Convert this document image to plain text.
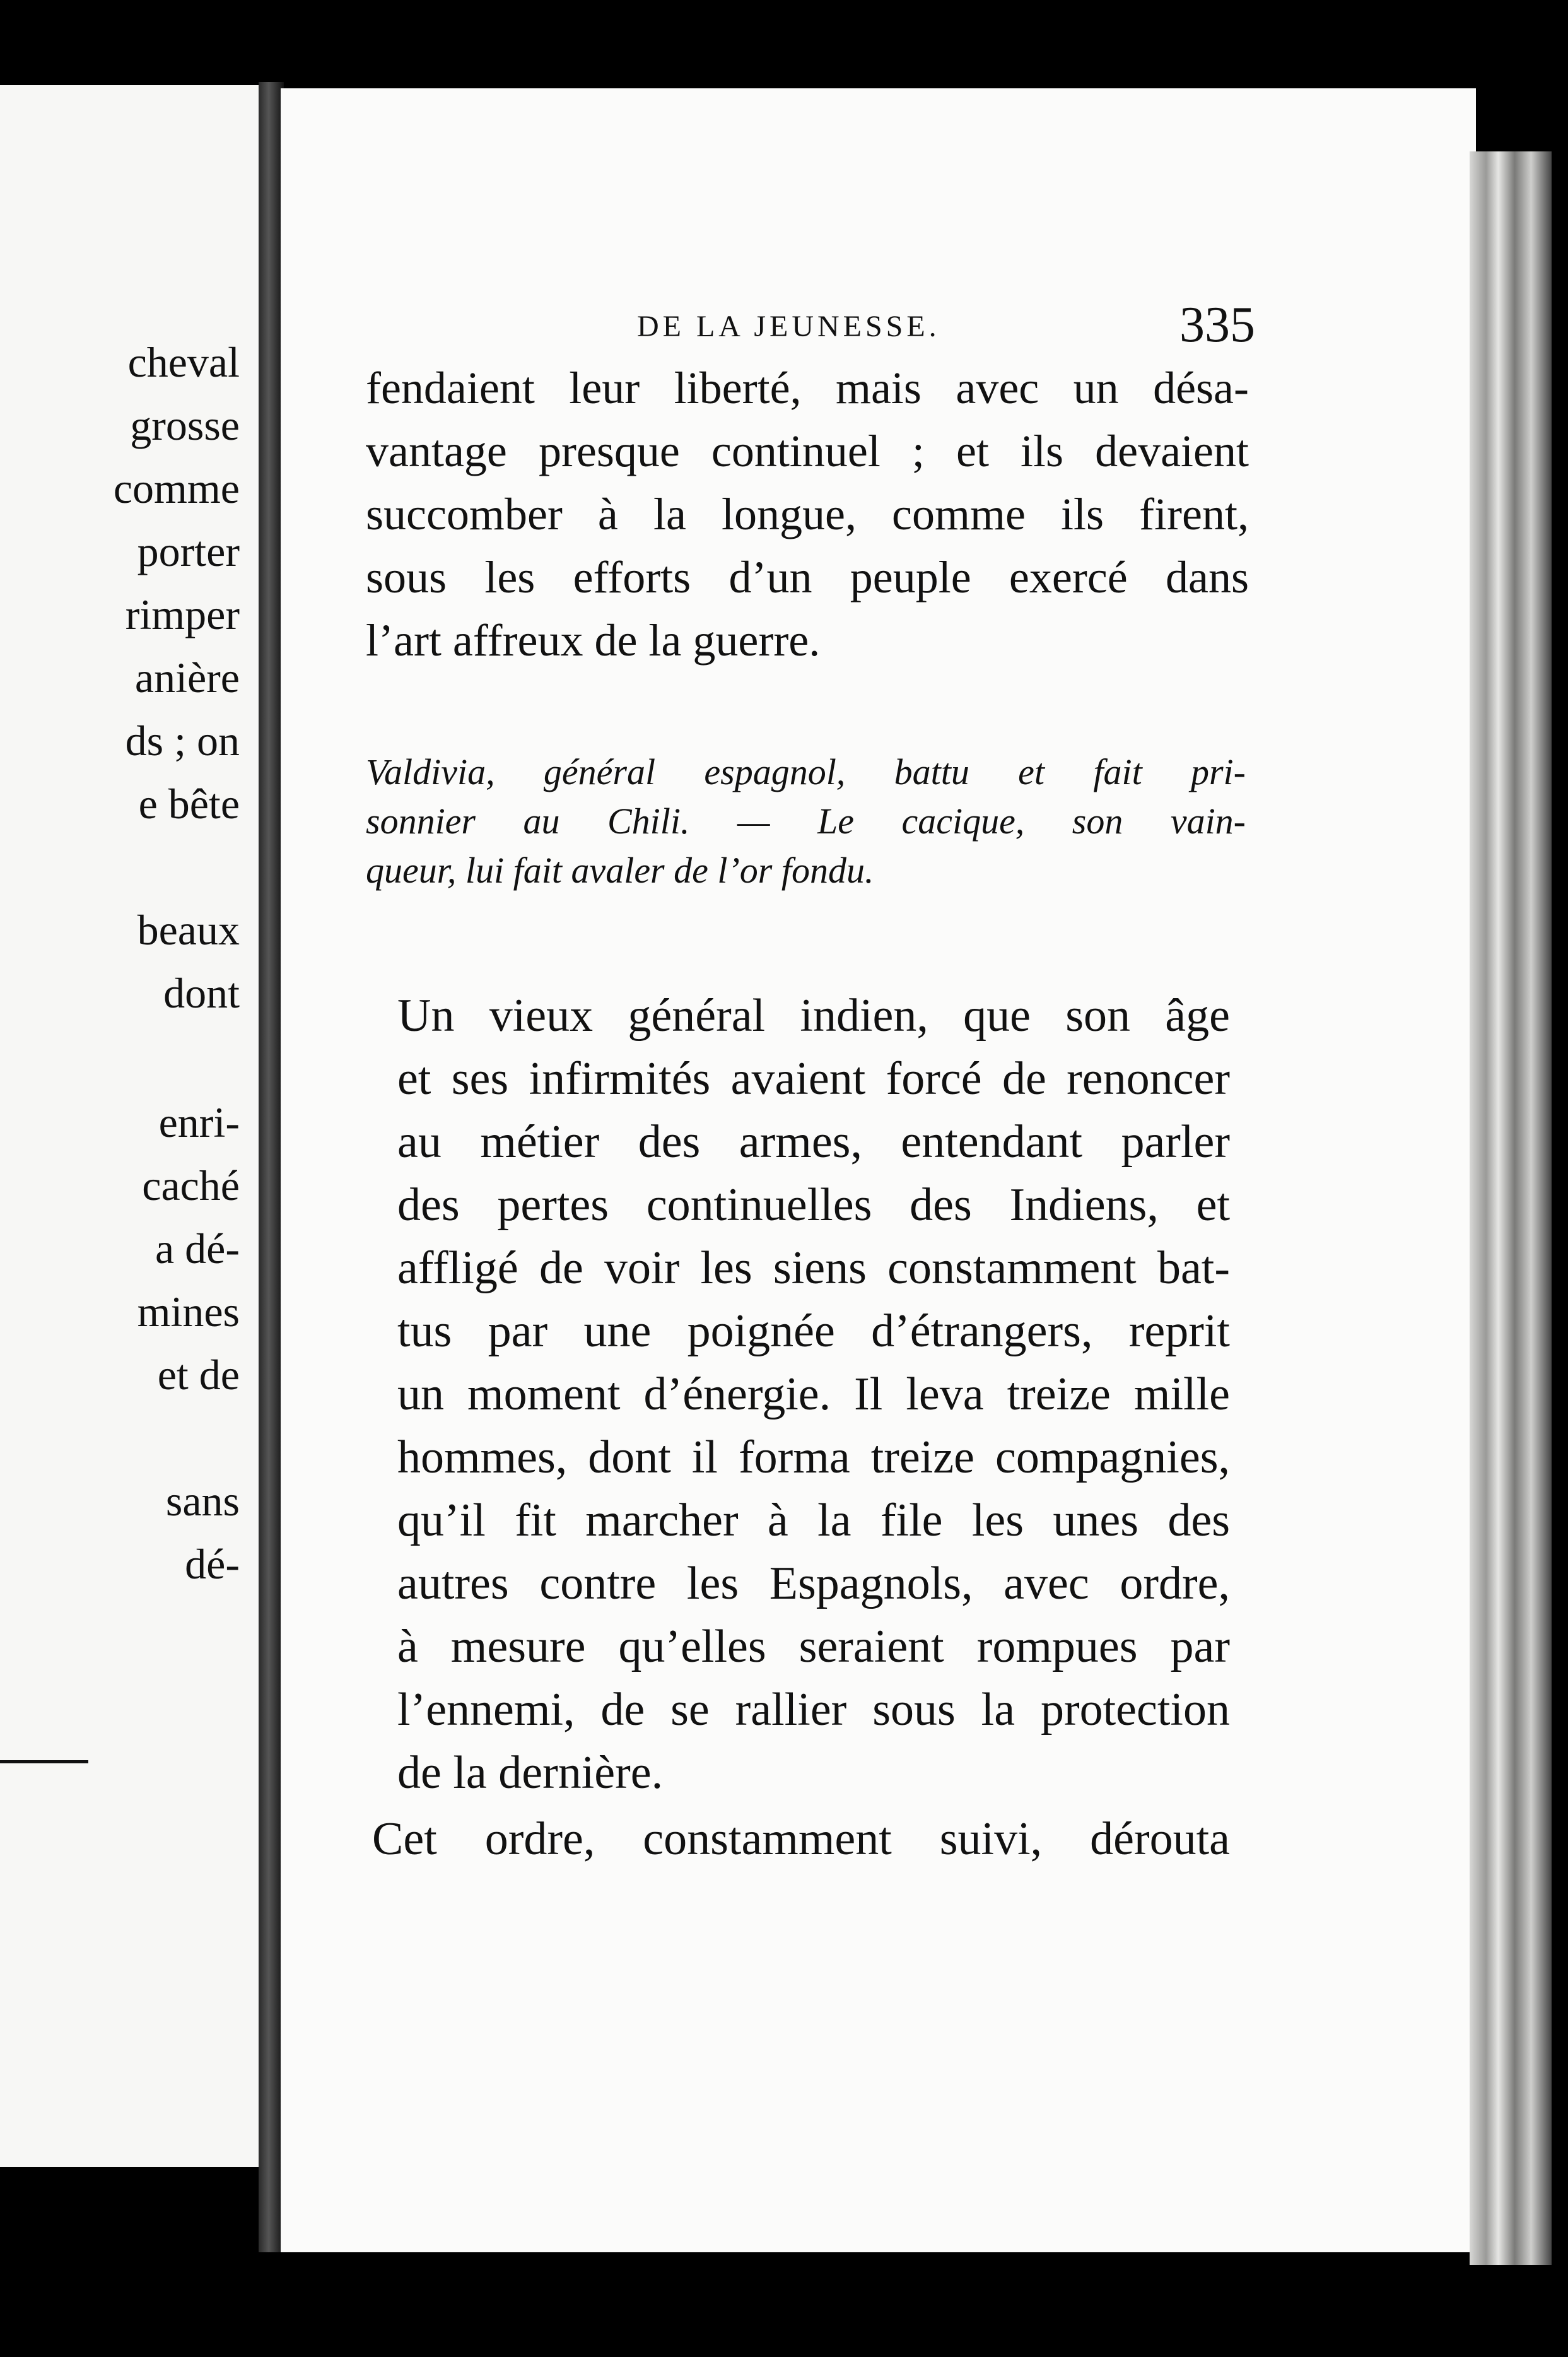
cheval
grosse
comme
porter
rimper
anière
ds ; on
e bête
beaux
dont
enri-
caché
a dé-
mines
et de
sans
dé-
DE LA JEUNESSE.	335
fendaient leur liberté, mais avec un désa-
vantage presque continuel ; et ils devaient
succomber à la longue, comme ils firent,
sous les efforts d’un peuple exercé dans
l’art affreux de la guerre.
Valdivia, général espagnol, battu et fait pri-
sonnier au Chili. — Le cacique, son vain-
queur, lui fait avaler de l’or fondu.
Un vieux général indien, que son âge
et ses infirmités avaient forcé de renoncer
au métier des armes, entendant parler
des pertes continuelles des Indiens, et
affligé de voir les siens constamment bat-
tus par une poignée d’étrangers, reprit
un moment d’énergie. Il leva treize mille
hommes, dont il forma treize compagnies,
qu’il fit marcher à la file les unes des
autres contre les Espagnols, avec ordre,
à mesure qu’elles seraient rompues par
l’ennemi, de se rallier sous la protection
de la dernière.
Cet ordre, constamment suivi, dérouta
